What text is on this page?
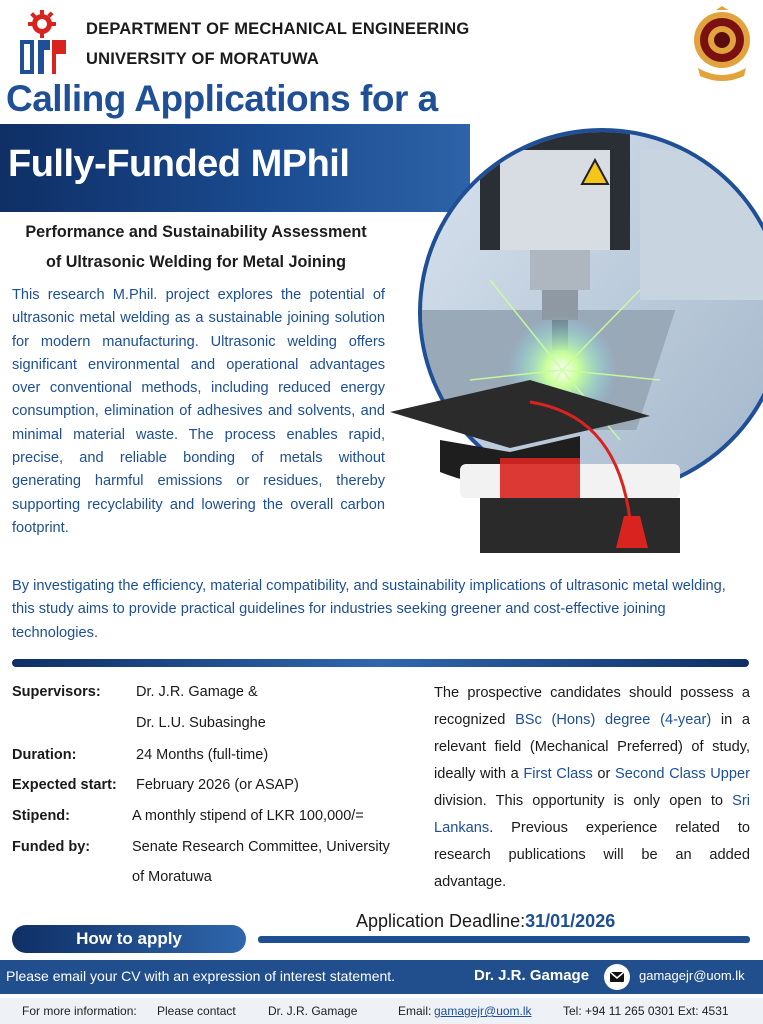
DEPARTMENT OF MECHANICAL ENGINEERING
UNIVERSITY OF MORATUWA
Calling Applications for a
Fully-Funded MPhil
Performance and Sustainability Assessment
of Ultrasonic Welding for Metal Joining
This research M.Phil. project explores the potential of ultrasonic metal welding as a sustainable joining solution for modern manufacturing. Ultrasonic welding offers significant environmental and operational advantages over conventional methods, including reduced energy consumption, elimination of adhesives and solvents, and minimal material waste. The process enables rapid, precise, and reliable bonding of metals without generating harmful emissions or residues, thereby supporting recyclability and lowering the overall carbon footprint.
By investigating the efficiency, material compatibility, and sustainability implications of ultrasonic metal welding, this study aims to provide practical guidelines for industries seeking greener and cost-effective joining technologies.
Supervisors: Dr. J.R. Gamage &
Dr. L.U. Subasinghe
Duration:	24 Months (full-time)
Expected start: February 2026 (or ASAP)
Stipend:	A monthly stipend of LKR 100,000/=
Funded by:	Senate Research Committee, University
of Moratuwa
The prospective candidates should possess a recognized BSc (Hons) degree (4-year) in a relevant field (Mechanical Preferred) of study, ideally with a First Class or Second Class Upper division. This opportunity is only open to Sri Lankans. Previous experience related to research publications will be an added advantage.
Application Deadline:31/01/2026
How to apply
Please email your CV with an expression of interest statement.	Dr. J.R. Gamage	gamagejr@uom.lk
For more information: Please contact	Dr. J.R. Gamage	Email: gamagejr@uom.lk	Tel: +94 11 265 0301 Ext: 4531
